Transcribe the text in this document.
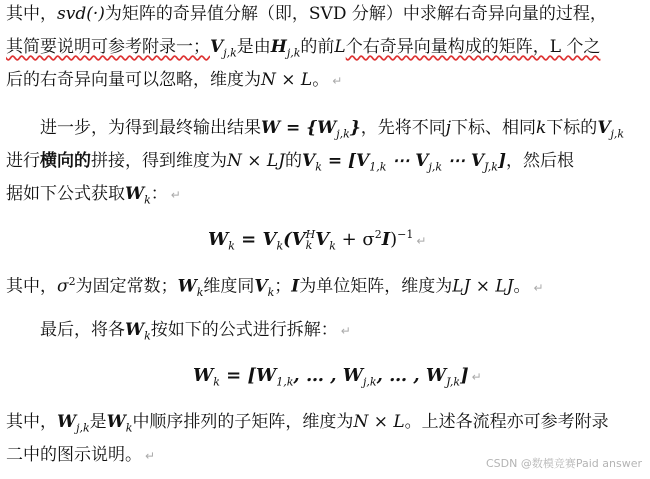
其中，svd(·)为矩阵的奇异值分解（即，SVD 分解）中求解右奇异向量的过程，
其简要说明可参考附录一；$V_{j,k}$是由$H_{j,k}$的前L个右奇异向量构成的矩阵，L 个之
后的右奇异向量可以忽略，维度为N × L。 ↵
进一步，为得到最终输出结果$W = \{W_{j,k}\}$，先将不同j下标、相同k下标的$V_{j,k}$
进行横向的拼接，得到维度为N × LJ的$V_k = [V_{1,k}$ ⋯ $V_{j,k}$ ⋯ $V_{J,k}$]，然后根
据如下公式获取$W_k$： ↵
$W_k = V_k(V$ H
k $V_k + \sigma^2I)^{-1}$ ↵
其中，$\sigma^2$为固定常数；$W_k$维度同$V_k$；I为单位矩阵，维度为LJ × LJ。 ↵
最后，将各$W_k$按如下的公式进行拆解： ↵
$W_k = [W_{1,k}$, … , $W_{j,k}$, … , $W_{J,k}$] ↵
其中，$W_{j,k}$是$W_k$中顺序排列的子矩阵，维度为N × L。上述各流程亦可参考附录
二中的图示说明。 ↵
CSDN @数模竞赛Paid answer
